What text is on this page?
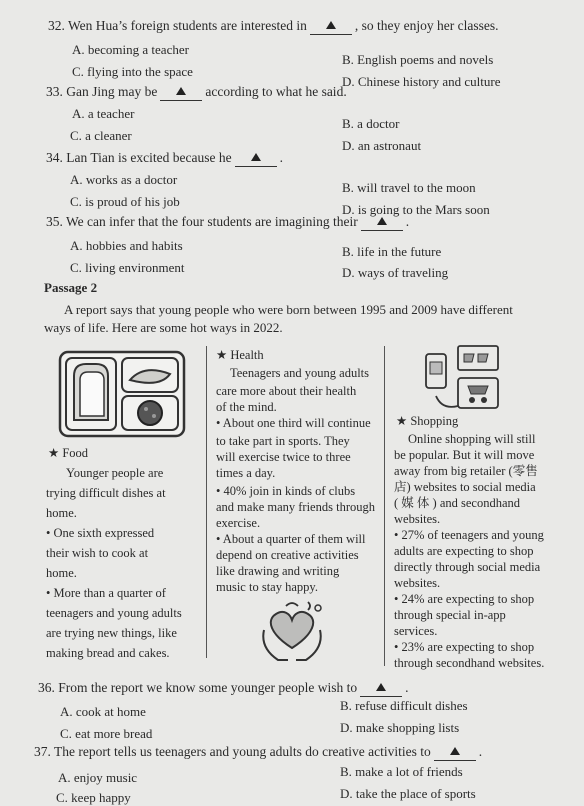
32. Wen Hua’s foreign students are interested in	, so they enjoy her classes.
A. becoming a teacher
B. English poems and novels
C. flying into the space
D. Chinese history and culture
33. Gan Jing may be	according to what he said.
A. a teacher
B. a doctor
C. a cleaner
D. an astronaut
34. Lan Tian is excited because he	.
A. works as a doctor
B. will travel to the moon
C. is proud of his job
D. is going to the Mars soon
35. We can infer that the four students are imagining their	.
A. hobbies and habits	B. life in the future
C. living environment	D. ways of traveling
Passage 2
A report says that young people who were born between 1995 and 2009 have different
ways of life. Here are some hot ways in 2022.
★ Food
Younger people are
trying difficult dishes at
home.
• One sixth expressed
their wish to cook at
home.
• More than a quarter of
teenagers and young adults
are trying new things, like
making bread and cakes.
★ Health
Teenagers and young adults
care more about their health
of the mind.
• About one third will continue
to take part in sports. They
will exercise twice to three
times a day.
• 40% join in kinds of clubs
and make many friends through
exercise.
• About a quarter of them will
depend on creative activities
like drawing and writing
music to stay happy.
★ Shopping
Online shopping will still
be popular. But it will move
away from big retailer (零售
店) websites to social media
( 媒 体 ) and secondhand
websites.
• 27% of teenagers and young
adults are expecting to shop
directly through social media
websites.
• 24% are expecting to shop
through special in-app
services.
• 23% are expecting to shop
through secondhand websites.
36. From the report we know some younger people wish to	.
A. cook at home	B. refuse difficult dishes
C. eat more bread	D. make shopping lists
37. The report tells us teenagers and young adults do creative activities to	.
A. enjoy music	B. make a lot of friends
C. keep happy	D. take the place of sports
